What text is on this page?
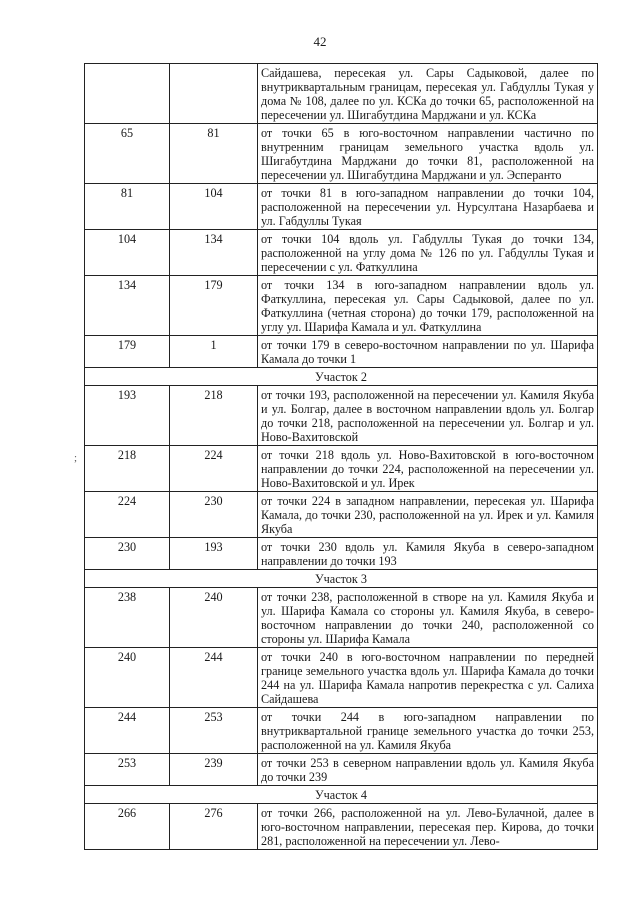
42
;
		Сайдашева, пересекая ул. Сары Садыковой, далее по внутриквартальным границам, пересекая ул. Габдуллы Тукая у дома № 108, далее по ул. КСКа до точки 65, расположенной на пересечении ул. Шигабутдина Марджани и ул. КСКа
65	81	от точки 65 в юго-восточном направлении частично по внутренним границам земельного участка вдоль ул. Шигабутдина Марджани до точки 81, расположенной на пересечении ул. Шигабутдина Марджани и ул. Эсперанто
81	104	от точки 81 в юго-западном направлении до точки 104, расположенной на пересечении ул. Нурсултана Назарбаева и ул. Габдуллы Тукая
104	134	от точки 104 вдоль ул. Габдуллы Тукая до точки 134, расположенной на углу дома № 126 по ул. Габдуллы Тукая и пересечении с ул. Фаткуллина
134	179	от точки 134 в юго-западном направлении вдоль ул. Фаткуллина, пересекая ул. Сары Садыковой, далее по ул. Фаткуллина (четная сторона) до точки 179, расположенной на углу ул. Шарифа Камала и ул. Фаткуллина
179	1	от точки 179 в северо-восточном направлении по ул. Шарифа Камала до точки 1
Участок 2		
193	218	от точки 193, расположенной на пересечении ул. Камиля Якуба и ул. Болгар, далее в восточном направлении вдоль ул. Болгар до точки 218, расположенной на пересечении ул. Болгар и ул. Ново-Вахитовской
218	224	от точки 218 вдоль ул. Ново-Вахитовской в юго-восточном направлении до точки 224, расположенной на пересечении ул. Ново-Вахитовской и ул. Ирек
224	230	от точки 224 в западном направлении, пересекая ул. Шарифа Камала, до точки 230, расположенной на ул. Ирек и ул. Камиля Якуба
230	193	от точки 230 вдоль ул. Камиля Якуба в северо-западном направлении до точки 193
Участок 3		
238	240	от точки 238, расположенной в створе на ул. Камиля Якуба и ул. Шарифа Камала со стороны ул. Камиля Якуба, в северо-восточном направлении до точки 240, расположенной со стороны ул. Шарифа Камала
240	244	от точки 240 в юго-восточном направлении по передней границе земельного участка вдоль ул. Шарифа Камала до точки 244 на ул. Шарифа Камала напротив перекрестка с ул. Салиха Сайдашева
244	253	от точки 244 в юго-западном направлении по внутриквартальной границе земельного участка до точки 253, расположенной на ул. Камиля Якуба
253	239	от точки 253 в северном направлении вдоль ул. Камиля Якуба до точки 239
Участок 4		
266	276	от точки 266, расположенной на ул. Лево-Булачной, далее в юго-восточном направлении, пересекая пер. Кирова, до точки 281, расположенной на пересечении ул. Лево-
